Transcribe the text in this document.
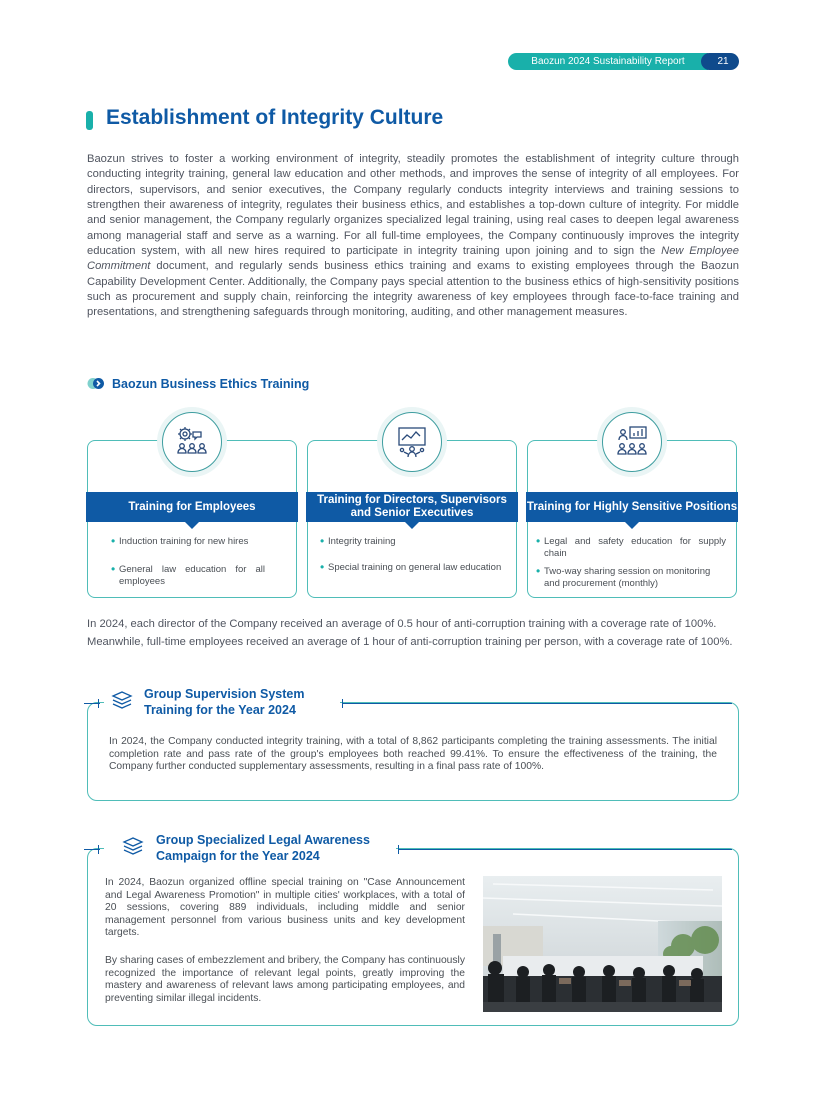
Baozun 2024 Sustainability Report	21
Establishment of Integrity Culture
Baozun strives to foster a working environment of integrity, steadily promotes the establishment of integrity culture through conducting integrity training, general law education and other methods, and improves the sense of integrity of all employees. For directors, supervisors, and senior executives, the Company regularly conducts integrity interviews and training sessions to strengthen their awareness of integrity, regulates their business ethics, and establishes a top-down culture of integrity. For middle and senior management, the Company regularly organizes specialized legal training, using real cases to deepen legal awareness among managerial staff and serve as a warning. For all full-time employees, the Company continuously improves the integrity education system, with all new hires required to participate in integrity training upon joining and to sign the New Employee Commitment document, and regularly sends business ethics training and exams to existing employees through the Baozun Capability Development Center. Additionally, the Company pays special attention to the business ethics of high-sensitivity positions such as procurement and supply chain, reinforcing the integrity awareness of key employees through face-to-face training and presentations, and strengthening safeguards through monitoring, auditing, and other management measures.
Baozun Business Ethics Training
Training for Employees
• Induction training for new hires
• General law education for all employees
Training for Directors, Supervisors and Senior Executives
• Integrity training
• Special training on general law education
Training for Highly Sensitive Positions
• Legal and safety education for supply chain
• Two-way sharing session on monitoring and procurement (monthly)
In 2024, each director of the Company received an average of 0.5 hour of anti-corruption training with a coverage rate of 100%. Meanwhile, full-time employees received an average of 1 hour of anti-corruption training per person, with a coverage rate of 100%.
Group Supervision System
Training for the Year 2024
In 2024, the Company conducted integrity training, with a total of 8,862 participants completing the training assessments. The initial completion rate and pass rate of the group's employees both reached 99.41%. To ensure the effectiveness of the training, the Company further conducted supplementary assessments, resulting in a final pass rate of 100%.
Group Specialized Legal Awareness
Campaign for the Year 2024
In 2024, Baozun organized offline special training on "Case Announcement and Legal Awareness Promotion" in multiple cities' workplaces, with a total of 20 sessions, covering 889 individuals, including middle and senior management personnel from various business units and key development targets.
By sharing cases of embezzlement and bribery, the Company has continuously recognized the importance of relevant legal points, greatly improving the mastery and awareness of relevant laws among participating employees, and preventing similar illegal incidents.
